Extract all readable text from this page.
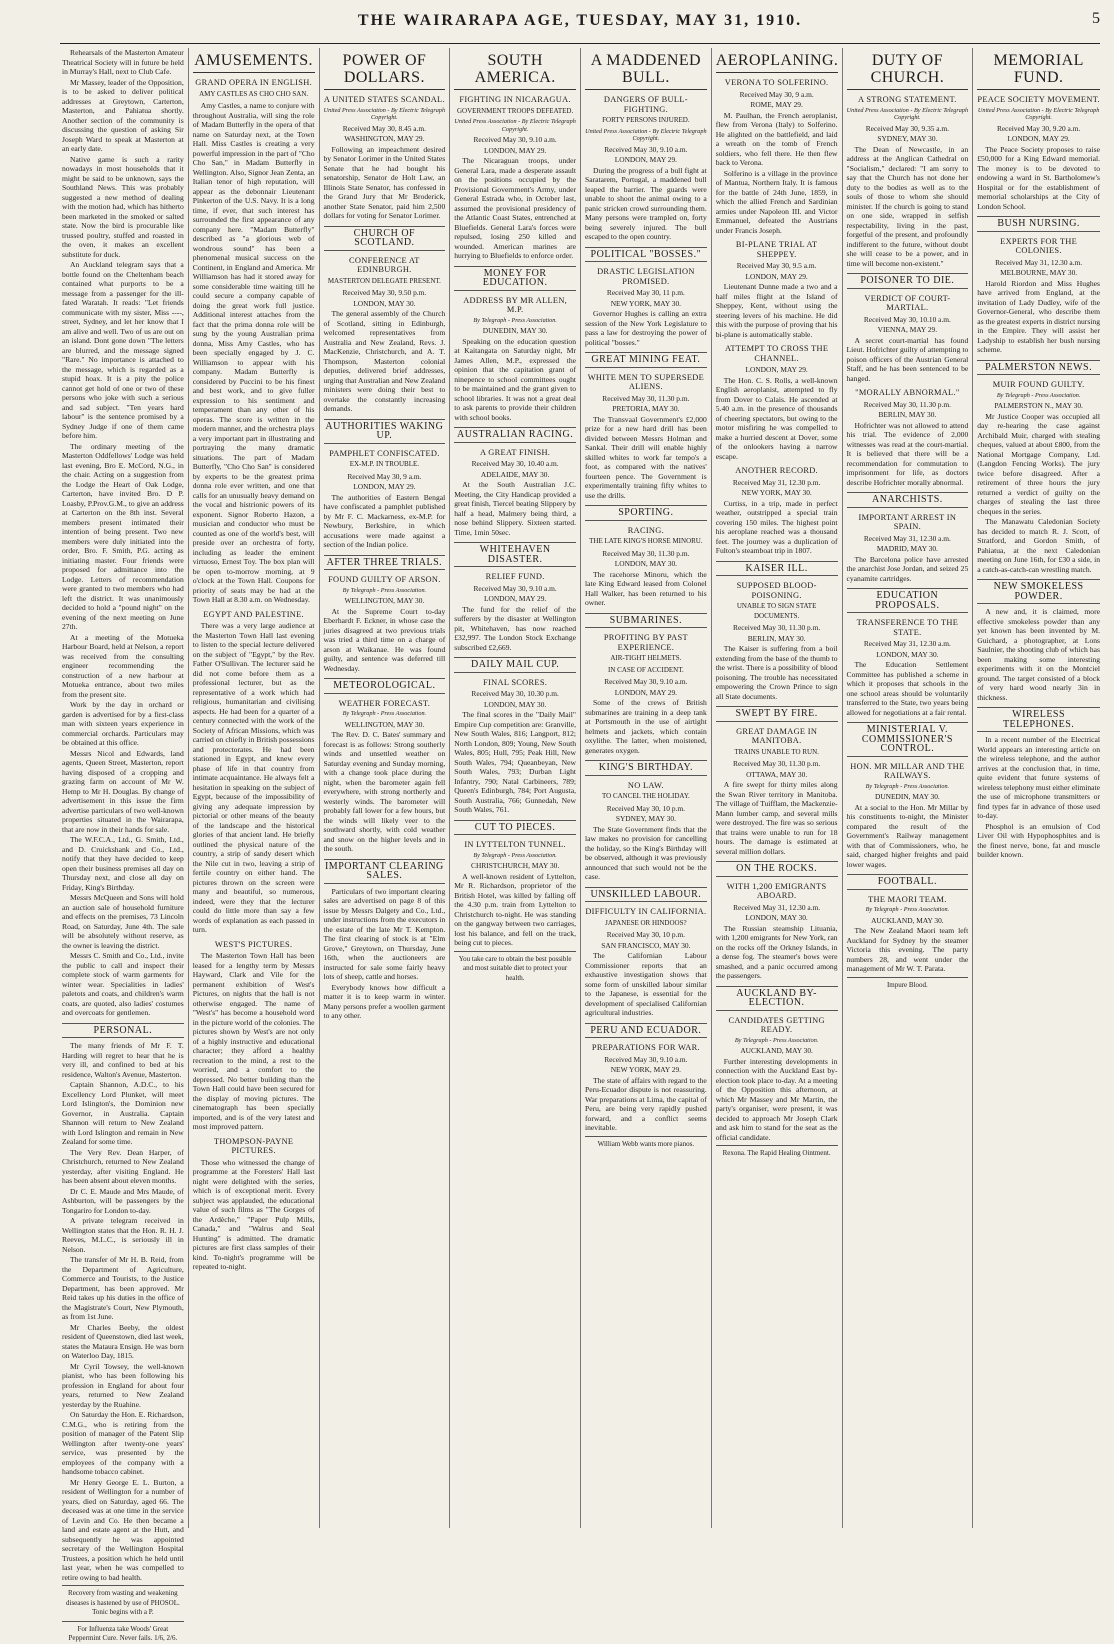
THE WAIRARAPA AGE, TUESDAY, MAY 31, 1910.	5

Rehearsals of the Masterton Amateur Theatrical Society will in future be held in Murray's Hall, next to Club Cafe.

Mr Massey, leader of the Opposition, is to be asked to deliver political addresses at Greytown, Carterton, Masterton, and Pahiatua shortly. Another section of the community is discussing the question of asking Sir Joseph Ward to speak at Masterton at an early date.

Native game is such a rarity nowadays in most households that it might be said to be unknown, says the Southland News. This was probably suggested a new method of dealing with the motion had, which has hitherto been marketed in the smoked or salted state. Now the bird is procurable like trussed poultry, stuffed and roasted in the oven, it makes an excellent substitute for duck.

An Auckland telegram says that a bottle found on the Cheltenham beach contained what purports to be a message from a passenger for the ill-fated Waratah. It reads: "Let friends communicate with my sister, Miss ----, street, Sydney, and let her know that I am alive and well. Two of us are out on an island. Dont gone down "The letters are blurred, and the message signed "Rare." No importance is attached to the message, which is regarded as a stupid hoax. It is a pity the police cannot get hold of one or two of these persons who joke with such a serious and sad subject. "Ten years hard labour" is the sentence promised by a Sydney Judge if one of them came before him.

The ordinary meeting of the Masterton Oddfellows' Lodge was held last evening, Bro E. McCord, N.G., in the chair. Acting on a suggestion from the Lodge the Heart of Oak Lodge, Carterton, have invited Bro. D P. Loasby, P.Prov.G.M., to give an address at Carterton on the 8th inst. Several members present intimated their intention of being present. Two new members were duly initiated into the order, Bro. F. Smith, P.G. acting as initiating master. Four friends were proposed for admittance into the Lodge. Letters of recommendation were granted to two members who had left the district. It was unanimously decided to hold a "pound night" on the evening of the next meeting on June 27th.

At a meeting of the Motueka Harbour Board, held at Nelson, a report was received from the consulting engineer recommending the construction of a new harbour at Motueka entrance, about two miles from the present site.

Work by the day in orchard or garden is advertised for by a first-class man with sixteen years experience in commercial orchards. Particulars may be obtained at this office.

Messrs Nicol and Edwards, land agents, Queen Street, Masterton, report having disposed of a cropping and grazing farm on account of Mr W. Hemp to Mr H. Douglas. By change of advertisement in this issue the firm advertise particulars of two well-known properties situated in the Wairarapa, that are now in their hands for sale.

The W.F.C.A., Ltd., G. Smith, Ltd., and D. Cruickshank and Co., Ltd., notify that they have decided to keep open their business premises all day on Thursday next, and close all day on Friday, King's Birthday.

Messrs McQueen and Sons will hold an auction sale of household furniture and effects on the premises, 73 Lincoln Road, on Saturday, June 4th. The sale will be absolutely without reserve, as the owner is leaving the district.

Messrs C. Smith and Co., Ltd., invite the public to call and inspect their complete stock of warm garments for winter wear. Specialities in ladies' paletots and coats, and children's warm coats, are quoted, also ladies' costumes and overcoats for gentlemen.

PERSONAL.

The many friends of Mr F. T. Harding will regret to hear that he is very ill, and confined to bed at his residence, Walton's Avenue, Masterton.

Captain Shannon, A.D.C., to his Excellency Lord Plunket, will meet Lord Islington's, the Dominion new Governor, in Australia. Captain Shannon will return to New Zealand with Lord Islington and remain in New Zealand for some time.

The Very Rev. Dean Harper, of Christchurch, returned to New Zealand yesterday, after visiting England. He has been absent about eleven months.

Dr C. E. Maude and Mrs Maude, of Ashburton, will be passengers by the Tongariro for London to-day.

A private telegram received in Wellington states that the Hon. R. H. J. Reeves, M.L.C., is seriously ill in Nelson.

The transfer of Mr H. B. Reid, from the Department of Agriculture, Commerce and Tourists, to the Justice Department, has been approved. Mr Reid takes up his duties in the office of the Magistrate's Court, New Plymouth, as from 1st June.

Mr Charles Beeby, the oldest resident of Queenstown, died last week, states the Mataura Ensign. He was born on Waterloo Day, 1815.

Mr Cyril Towsey, the well-known pianist, who has been following his profession in England for about four years, returned to New Zealand yesterday by the Ruahine.

On Saturday the Hon. E. Richardson, C.M.G., who is retiring from the position of manager of the Patent Slip Wellington after twenty-one years' service, was presented by the employees of the company with a handsome tobacco cabinet.

Mr Henry George E. L. Burton, a resident of Wellington for a number of years, died on Saturday, aged 66. The deceased was at one time in the service of Levin and Co. He then became a land and estate agent at the Hutt, and subsequently he was appointed secretary of the Wellington Hospital Trustees, a position which he held until last year, when he was compelled to retire owing to bad health.

Recovery from wasting and weakening diseases is hastened by use of PHOSOL. Tonic begins with a P.
For Influenza take Woods' Great Peppermint Cure. Never fails. 1/6, 2/6.
AMUSEMENTS.
GRAND OPERA IN ENGLISH.
AMY CASTLES AS CHO CHO SAN.

Amy Castles, a name to conjure with throughout Australia, will sing the role of Madam Butterfly in the opera of that name on Saturday next, at the Town Hall. Miss Castles is creating a very powerful impression in the part of "Cho Cho San," in Madam Butterfly in Wellington. Also, Signor Jean Zenta, an Italian tenor of high reputation, will appear as the debonnair Lieutenant Pinkerton of the U.S. Navy. It is a long time, if ever, that such interest has surrounded the first appearance of any company here. "Madam Butterfly" described as "a glorious web of wondrous sound" has been a phenomenal musical success on the Continent, in England and America. Mr Williamson has had it stored away for some considerable time waiting till he could secure a company capable of doing the great work full justice. Additional interest attaches from the fact that the prima donna role will be sung by the young Australian prima donna, Miss Amy Castles, who has been specially engaged by J. C. Williamson to appear with his company. Madam Butterfly is considered by Puccini to be his finest and best work, and to give fuller expression to his sentiment and temperament than any other of his operas. The score is written in the modern manner, and the orchestra plays a very important part in illustrating and portraying the many dramatic situations. The part of Madam Butterfly, "Cho Cho San" is considered by experts to be the greatest prima donna role ever written, and one that calls for an unusually heavy demand on the vocal and histrionic powers of its exponent. Signor Roberto Hazon, a musician and conductor who must be counted as one of the world's best, will preside over an orchestra of forty, including as leader the eminent virtuoso, Ernest Toy. The box plan will be open to-morrow morning, at 9 o'clock at the Town Hall. Coupons for priority of seats may be had at the Town Hall at 8.30 a.m. on Wednesday.

EGYPT AND PALESTINE.

There was a very large audience at the Masterton Town Hall last evening to listen to the special lecture delivered on the subject of "Egypt," by the Rev. Father O'Sullivan. The lecturer said he did not come before them as a professional lecturer, but as the representative of a work which had religious, humanitarian and civilising aspects. He had been for a quarter of a century connected with the work of the Society of African Missions, which was carried on chiefly in British possessions and protectorates. He had been stationed in Egypt, and knew every phase of life in that country from intimate acquaintance. He always felt a hesitation in speaking on the subject of Egypt, because of the impossibility of giving any adequate impression by pictorial or other means of the beauty of the landscape and the historical glories of that ancient land. He briefly outlined the physical nature of the country, a strip of sandy desert which the Nile cut in two, leaving a strip of fertile country on either hand. The pictures thrown on the screen were many and beautiful, so numerous, indeed, were they that the lecturer could do little more than say a few words of explanation as each passed in turn.

WEST'S PICTURES.

The Masterton Town Hall has been leased for a lengthy term by Messrs Hayward, Clark and Vile for the permanent exhibition of West's Pictures, on nights that the hall is not otherwise engaged. The name of "West's" has become a household word in the picture world of the colonies. The pictures shown by West's are not only of a highly instructive and educational character; they afford a healthy recreation to the mind, a rest to the worried, and a comfort to the depressed. No better building than the Town Hall could have been secured for the display of moving pictures. The cinematograph has been specially imported, and is of the very latest and most improved pattern.

THOMPSON-PAYNE PICTURES.

Those who witnessed the change of programme at the Foresters' Hall last night were delighted with the series, which is of exceptional merit. Every subject was applauded, the educational value of such films as "The Gorges of the Ardèche," "Paper Pulp Mills, Canada," and "Walrus and Seal Hunting" is admitted. The dramatic pictures are first class samples of their kind. To-night's programme will be repeated to-night.

POWER OF DOLLARS.
A UNITED STATES SCANDAL.
United Press Association - By Electric Telegraph Copyright.
Received May 30, 8.45 a.m.
WASHINGTON, MAY 29.

Following an impeachment desired by Senator Lorimer in the United States Senate that he had bought his senatorship, Senator de Holt Law, an Illinois State Senator, has confessed in the Grand Jury that Mr Broderick, another State Senator, paid him 2,500 dollars for voting for Senator Lorimer.

CHURCH OF SCOTLAND.
CONFERENCE AT EDINBURGH.
MASTERTON DELEGATE PRESENT.
Received May 30, 9.50 p.m.
LONDON, MAY 30.

The general assembly of the Church of Scotland, sitting in Edinburgh, welcomed representatives from Australia and New Zealand, Revs. J. MacKenzie, Christchurch, and A. T. Thompson, Masterton colonial deputies, delivered brief addresses, urging that Australian and New Zealand ministers were doing their best to overtake the constantly increasing demands.

AUTHORITIES WAKING UP.
PAMPHLET CONFISCATED.
EX-M.P. IN TROUBLE.
Received May 30, 9 a.m.
LONDON, MAY 29.

The authorities of Eastern Bengal have confiscated a pamphlet published by Mr F. C. Mackarness, ex-M.P. for Newbury, Berkshire, in which accusations were made against a section of the Indian police.

AFTER THREE TRIALS.
FOUND GUILTY OF ARSON.
By Telegraph - Press Association.
WELLINGTON, MAY 30.

At the Supreme Court to-day Eberhardt F. Eckner, in whose case the juries disagreed at two previous trials was tried a third time on a charge of arson at Waikanae. He was found guilty, and sentence was deferred till Wednesday.

METEOROLOGICAL.
WEATHER FORECAST.
By Telegraph - Press Association.
WELLINGTON, MAY 30.

The Rev. D. C. Bates' summary and forecast is as follows: Strong southerly winds and unsettled weather on Saturday evening and Sunday morning, with a change took place during the night, when the barometer again fell everywhere, with strong northerly and westerly winds. The barometer will probably fall lower for a few hours, but the winds will likely veer to the southward shortly, with cold weather and snow on the higher levels and in the south.

IMPORTANT CLEARING SALES.

Particulars of two important clearing sales are advertised on page 8 of this issue by Messrs Dalgety and Co., Ltd., under instructions from the executors in the estate of the late Mr T. Kempton. The first clearing of stock is at "Elm Grove," Greytown, on Thursday, June 16th, when the auctioneers are instructed for sale some fairly heavy lots of sheep, cattle and horses.

Everybody knows how difficult a matter it is to keep warm in winter. Many persons prefer a woollen garment to any other.

SOUTH AMERICA.
FIGHTING IN NICARAGUA.
GOVERNMENT TROOPS DEFEATED.
United Press Association - By Electric Telegraph Copyright.
Received May 30, 9.10 a.m.
LONDON, MAY 29.

The Nicaraguan troops, under General Lara, made a desperate assault on the positions occupied by the Provisional Government's Army, under General Estrada who, in October last, assumed the provisional presidency of the Atlantic Coast States, entrenched at Bluefields. General Lara's forces were repulsed, losing 250 killed and wounded. American marines are hurrying to Bluefields to enforce order.

MONEY FOR EDUCATION.
ADDRESS BY MR ALLEN, M.P.
By Telegraph - Press Association.
DUNEDIN, MAY 30.

Speaking on the education question at Kaitangata on Saturday night, Mr James Allen, M.P., expressed the opinion that the capitation grant of ninepence to school committees ought to be maintained and the grant given to school libraries. It was not a great deal to ask parents to provide their children with school books.

AUSTRALIAN RACING.
A GREAT FINISH.
Received May 30, 10.40 a.m.
ADELAIDE, MAY 30.

At the South Australian J.C. Meeting, the City Handicap provided a great finish, Tiercel beating Slippery by half a head, Malmery being third, a nose behind Slippery. Sixteen started. Time, 1min 50sec.

WHITEHAVEN DISASTER.
RELIEF FUND.
Received May 30, 9.10 a.m.
LONDON, MAY 29.

The fund for the relief of the sufferers by the disaster at Wellington pit, Whitehaven, has now reached £32,997. The London Stock Exchange subscribed £2,669.

DAILY MAIL CUP.
FINAL SCORES.
Received May 30, 10.30 p.m.
LONDON, MAY 30.

The final scores in the "Daily Mail" Empire Cup competition are: Granville, New South Wales, 816; Langport, 812; North London, 809; Young, New South Wales, 805; Hull, 795; Peak Hill, New South Wales, 794; Queanbeyan, New South Wales, 793; Durban Light Infantry, 790; Natal Carbineers, 789; Queen's Edinburgh, 784; Port Augusta, South Australia, 766; Gunnedah, New South Wales, 761.

CUT TO PIECES.
IN LYTTELTON TUNNEL.
By Telegraph - Press Association.
CHRISTCHURCH, MAY 30.

A well-known resident of Lyttelton, Mr R. Richardson, proprietor of the British Hotel, was killed by falling off the 4.30 p.m. train from Lyttelton to Christchurch to-night. He was standing on the gangway between two carriages, lost his balance, and fell on the track, being cut to pieces.

You take care to obtain the best possible and most suitable diet to protect your health.
A MADDENED BULL.
DANGERS OF BULL-FIGHTING.
FORTY PERSONS INJURED.
United Press Association - By Electric Telegraph Copyright.
Received May 30, 9.10 a.m.
LONDON, MAY 29.

During the progress of a bull fight at Saratarem, Portugal, a maddened bull leaped the barrier. The guards were unable to shoot the animal owing to a panic stricken crowd surrounding them. Many persons were trampled on, forty being severely injured. The bull escaped to the open country.

POLITICAL "BOSSES."
DRASTIC LEGISLATION PROMISED.
Received May 30, 11 p.m.
NEW YORK, MAY 30.

Governor Hughes is calling an extra session of the New York Legislature to pass a law for destroying the power of political "bosses."

GREAT MINING FEAT.
WHITE MEN TO SUPERSEDE ALIENS.
Received May 30, 11.30 p.m.
PRETORIA, MAY 30.

The Transvaal Government's £2,000 prize for a new hard drill has been divided between Messrs Holman and Sankal. Their drill will enable highly skilled whites to work far tempo's a foot, as compared with the natives' fourteen pence. The Government is experimentally training fifty whites to use the drills.

SPORTING.
RACING.
THE LATE KING'S HORSE MINORU.
Received May 30, 11.30 p.m.
LONDON, MAY 30.

The racehorse Minoru, which the late King Edward leased from Colonel Hall Walker, has been returned to his owner.

SUBMARINES.
PROFITING BY PAST EXPERIENCE.
AIR-TIGHT HELMETS.
IN CASE OF ACCIDENT.
Received May 30, 9.10 a.m.
LONDON, MAY 29.

Some of the crews of British submarines are training in a deep tank at Portsmouth in the use of airtight helmets and jackets, which contain oxylithe. The latter, when moistened, generates oxygen.

KING'S BIRTHDAY.
NO LAW.
TO CANCEL THE HOLIDAY.
Received May 30, 10 p.m.
SYDNEY, MAY 30.

The State Government finds that the law makes no provision for cancelling the holiday, so the King's Birthday will be observed, although it was previously announced that such would not be the case.

UNSKILLED LABOUR.
DIFFICULTY IN CALIFORNIA.
JAPANESE OR HINDOOS?
Received May 30, 10 p.m.
SAN FRANCISCO, MAY 30.

The Californian Labour Commissioner reports that an exhaustive investigation shows that some form of unskilled labour similar to the Japanese, is essential for the development of specialised Californian agricultural industries.

PERU AND ECUADOR.
PREPARATIONS FOR WAR.
Received May 30, 9.10 a.m.
NEW YORK, MAY 29.

The state of affairs with regard to the Peru-Ecuador dispute is not reassuring. War preparations at Lima, the capital of Peru, are being very rapidly pushed forward, and a conflict seems inevitable.

William Webb wants more pianos.
AEROPLANING.
VERONA TO SOLFERINO.
Received May 30, 9 a.m.
ROME, MAY 29.

M. Paulhan, the French aeroplanist, flew from Verona (Italy) to Solferino. He alighted on the battlefield, and laid a wreath on the tomb of French soldiers, who fell there. He then flew back to Verona.

Solferino is a village in the province of Mantua, Northern Italy. It is famous for the battle of 24th June, 1859, in which the allied French and Sardinian armies under Napoleon III. and Victor Emmanuel, defeated the Austrians under Francis Joseph.

BI-PLANE TRIAL AT SHEPPEY.
Received May 30, 9.5 a.m.
LONDON, MAY 29.

Lieutenant Dunne made a two and a half miles flight at the Island of Sheppey, Kent, without using the steering levers of his machine. He did this with the purpose of proving that his bi-plane is automatically stable.

ATTEMPT TO CROSS THE CHANNEL.
LONDON, MAY 29.

The Hon. C. S. Rolls, a well-known English aeroplanist, attempted to fly from Dover to Calais. He ascended at 5.40 a.m. in the presence of thousands of cheering spectators, but owing to the motor misfiring he was compelled to make a hurried descent at Dover, some of the onlookers having a narrow escape.

ANOTHER RECORD.
Received May 31, 12.30 p.m.
NEW YORK, MAY 30.

Curtiss, in a trip, made in perfect weather, outstripped a special train covering 150 miles. The highest point his aeroplane reached was a thousand feet. The journey was a duplication of Fulton's steamboat trip in 1807.

KAISER ILL.
SUPPOSED BLOOD-POISONING.
UNABLE TO SIGN STATE DOCUMENTS.
Received May 30, 11.30 p.m.
BERLIN, MAY 30.

The Kaiser is suffering from a boil extending from the base of the thumb to the wrist. There is a possibility of blood poisoning. The trouble has necessitated empowering the Crown Prince to sign all State documents.

SWEPT BY FIRE.
GREAT DAMAGE IN MANITOBA.
TRAINS UNABLE TO RUN.
Received May 30, 11.30 p.m.
OTTAWA, MAY 30.

A fire swept for thirty miles along the Swan River territory in Manitoba. The village of Tuifflam, the Mackenzie-Mann lumber camp, and several mills were destroyed. The fire was so serious that trains were unable to run for 18 hours. The damage is estimated at several million dollars.

ON THE ROCKS.
WITH 1,200 EMIGRANTS ABOARD.
Received May 31, 12.30 a.m.
LONDON, MAY 30.

The Russian steamship Lituania, with 1,200 emigrants for New York, ran on the rocks off the Orkney Islands, in a dense fog. The steamer's bows were smashed, and a panic occurred among the passengers.

AUCKLAND BY-ELECTION.
CANDIDATES GETTING READY.
By Telegraph - Press Association.
AUCKLAND, MAY 30.

Further interesting developments in connection with the Auckland East by-election took place to-day. At a meeting of the Opposition this afternoon, at which Mr Massey and Mr Martin, the party's organiser, were present, it was decided to approach Mr Joseph Clark and ask him to stand for the seat as the official candidate.

Rexona. The Rapid Healing Ointment.
DUTY OF CHURCH.
A STRONG STATEMENT.
United Press Association - By Electric Telegraph Copyright.
Received May 30, 9.35 a.m.
SYDNEY, MAY 30.

The Dean of Newcastle, in an address at the Anglican Cathedral on "Socialism," declared: "I am sorry to say that the Church has not done her duty to the bodies as well as to the souls of those to whom she should minister. If the church is going to stand on one side, wrapped in selfish respectability, living in the past, forgetful of the present, and profoundly indifferent to the future, without doubt she will cease to be a power, and in time will become non-existent."

POISONER TO DIE.
VERDICT OF COURT-MARTIAL.
Received May 30, 10.10 a.m.
VIENNA, MAY 29.

A secret court-martial has found Lieut. Hofrichter guilty of attempting to poison officers of the Austrian General Staff, and he has been sentenced to be hanged.

"MORALLY ABNORMAL."
Received May 30, 11.30 p.m.
BERLIN, MAY 30.

Hofrichter was not allowed to attend his trial. The evidence of 2,000 witnesses was read at the court-martial. It is believed that there will be a recommendation for commutation to imprisonment for life, as doctors describe Hofrichter morally abnormal.

ANARCHISTS.
IMPORTANT ARREST IN SPAIN.
Received May 31, 12.30 a.m.
MADRID, MAY 30.

The Barcelona police have arrested the anarchist Jose Jordan, and seized 25 cyanamite cartridges.

EDUCATION PROPOSALS.
TRANSFERENCE TO THE STATE.
Received May 31, 12.30 a.m.
LONDON, MAY 30.

The Education Settlement Committee has published a scheme in which it proposes that schools in the one school areas should be voluntarily transferred to the State, two years being allowed for negotiations at a fair rental.

MINISTERIAL V. COMMISSIONER'S CONTROL.
HON. MR MILLAR AND THE RAILWAYS.
By Telegraph - Press Association.
DUNEDIN, MAY 30.

At a social to the Hon. Mr Millar by his constituents to-night, the Minister compared the result of the Government's Railway management with that of Commissioners, who, he said, charged higher freights and paid lower wages.

FOOTBALL.
THE MAORI TEAM.
By Telegraph - Press Association.
AUCKLAND, MAY 30.

The New Zealand Maori team left Auckland for Sydney by the steamer Victoria this evening. The party numbers 28, and went under the management of Mr W. T. Parata.

Impure Blood.
MEMORIAL FUND.
PEACE SOCIETY MOVEMENT.
United Press Association - By Electric Telegraph Copyright.
Received May 30, 9.20 a.m.
LONDON, MAY 29.

The Peace Society proposes to raise £50,000 for a King Edward memorial. The money is to be devoted to endowing a ward in St. Bartholomew's Hospital or for the establishment of memorial scholarships at the City of London School.

BUSH NURSING.
EXPERTS FOR THE COLONIES.
Received May 31, 12.30 a.m.
MELBOURNE, MAY 30.

Harold Riordon and Miss Hughes have arrived from England, at the invitation of Lady Dudley, wife of the Governor-General, who describe them as the greatest experts in district nursing in the Empire. They will assist her Ladyship to establish her bush nursing scheme.

PALMERSTON NEWS.
MUIR FOUND GUILTY.
By Telegraph - Press Association.
PALMERSTON N., MAY 30.

Mr Justice Cooper was occupied all day re-hearing the case against Archibald Muir, charged with stealing cheques, valued at about £800, from the National Mortgage Company, Ltd. (Langdon Fencing Works). The jury twice before disagreed. After a retirement of three hours the jury returned a verdict of guilty on the charges of stealing the last three cheques in the series.

The Manawatu Caledonian Society has decided to match R. J. Scott, of Stratford, and Gordon Smith, of Pahiatua, at the next Caledonian meeting on June 16th, for £30 a side, in a catch-as-catch-can wrestling match.

NEW SMOKELESS POWDER.

A new and, it is claimed, more effective smokeless powder than any yet known has been invented by M. Guichard, a photographer, at Lons Saulnier, the shooting club of which has been making some interesting experiments with it on the Montciel ground. The target consisted of a block of very hard wood nearly 3in in thickness.

WIRELESS TELEPHONES.

In a recent number of the Electrical World appears an interesting article on the wireless telephone, and the author arrives at the conclusion that, in time, quite evident that future systems of wireless telephony must either eliminate the use of microphone transmitters or find types far in advance of those used to-day.

Phosphol is an emulsion of Cod Liver Oil with Hypophosphites and is the finest nerve, bone, fat and muscle builder known.
